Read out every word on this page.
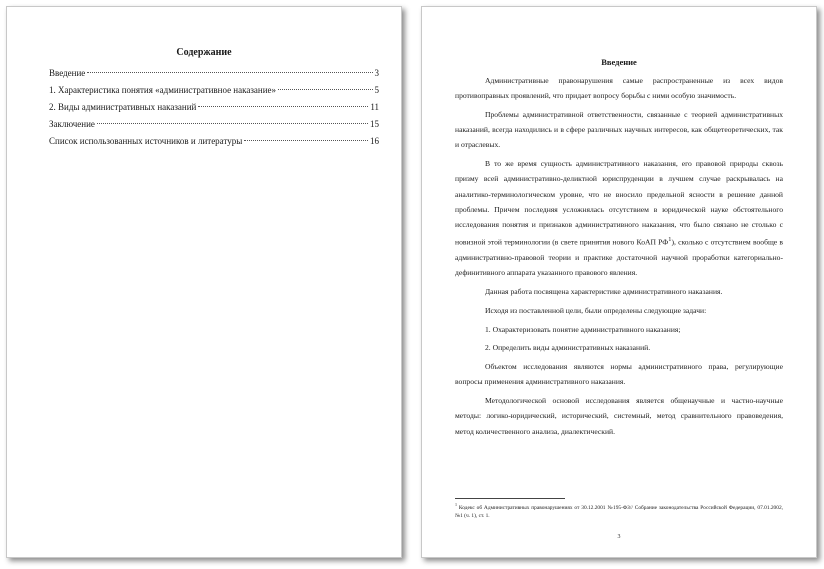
Содержание
Введение	3
1. Характеристика понятия «административное наказание»	5
2. Виды административных наказаний	11
Заключение	15
Список использованных источников и литературы	16
Введение

Административные правонарушения самые распространенные из всех видов противоправных проявлений, что придает вопросу борьбы с ними особую значимость.

Проблемы административной ответственности, связанные с теорией административных наказаний, всегда находились и в сфере различных научных интересов, как общетеоретических, так и отраслевых.

В то же время сущность административного наказания, его правовой природы сквозь призму всей административно-деликтной юриспруденции в лучшем случае раскрывалась на аналитико-терминологическом уровне, что не вносило предельной ясности в решение данной проблемы. Причем последняя усложнялась отсутствием в юридической науке обстоятельного исследования понятия и признаков административного наказания, что было связано не столько с новизной этой терминологии (в свете принятия нового КоАП $РФ^1$), сколько с отсутствием вообще в административно-правовой теории и практике достаточной научной проработки категориально-дефинитивного аппарата указанного правового явления.

Данная работа посвящена характеристике административного наказания.

Исходя из поставленной цели, были определены следующие задачи:

1. Охарактеризовать понятие административного наказания;

2. Определить виды административных наказаний.

Объектом исследования являются нормы административного права, регулирующие вопросы применения административного наказания.

Методологической основой исследования является общенаучные и частно-научные методы: логико-юридический, исторический, системный, метод сравнительного правоведения, метод количественного анализа, диалектический.

$^1$ Кодекс об Административных правонарушениях от 30.12.2001 №195-ФЗ// Собрание законодательства Российской Федерации, 07.01.2002, №1 (ч. 1), ст. 1.
3
